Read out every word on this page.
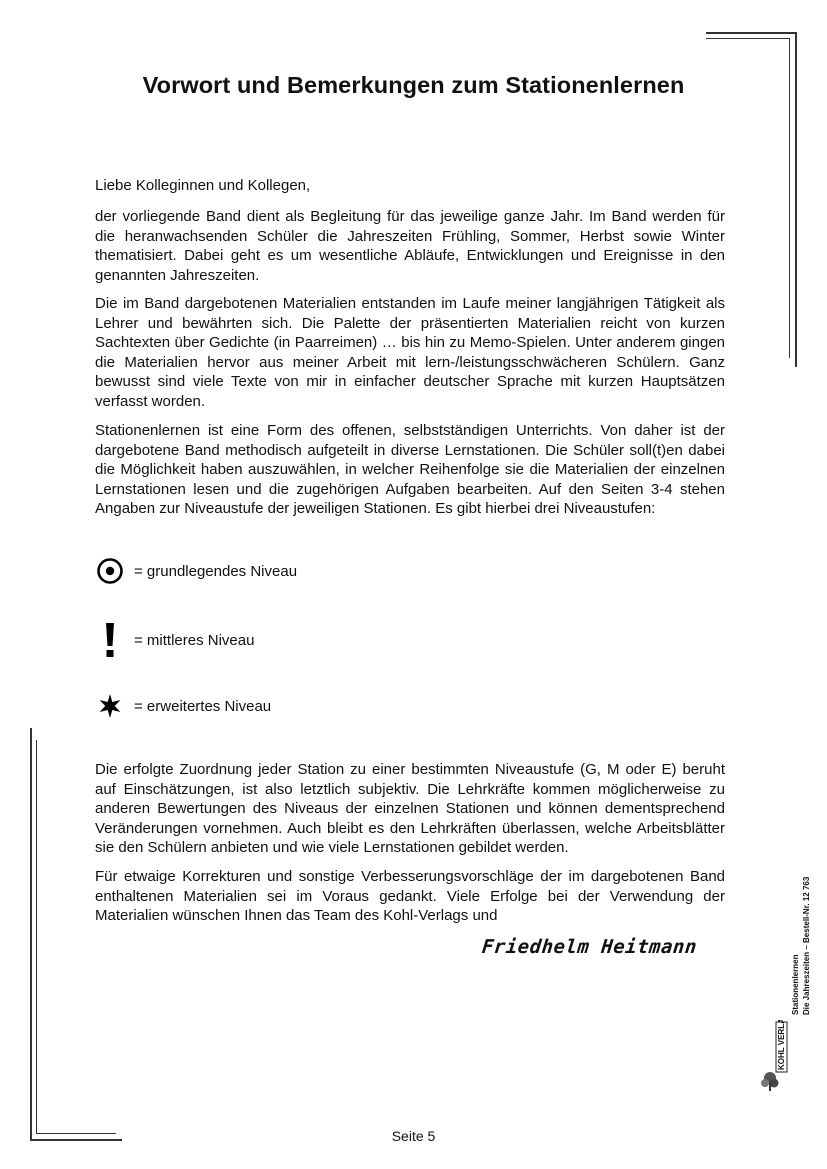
Vorwort und Bemerkungen zum Stationenlernen

Liebe Kolleginnen und Kollegen,

der vorliegende Band dient als Begleitung für das jeweilige ganze Jahr. Im Band werden für die heranwachsenden Schüler die Jahreszeiten Frühling, Sommer, Herbst sowie Winter thematisiert. Dabei geht es um wesentliche Abläufe, Entwicklungen und Ereignisse in den genannten Jahreszeiten.

Die im Band dargebotenen Materialien entstanden im Laufe meiner langjährigen Tätigkeit als Lehrer und bewährten sich. Die Palette der präsentierten Materialien reicht von kurzen Sachtexten über Gedichte (in Paarreimen) … bis hin zu Memo-Spielen. Unter anderem gingen die Materialien hervor aus meiner Arbeit mit lern-/leistungsschwächeren Schülern. Ganz bewusst sind viele Texte von mir in einfacher deutscher Sprache mit kurzen Hauptsätzen verfasst worden.

Stationenlernen ist eine Form des offenen, selbstständigen Unterrichts. Von daher ist der dargebotene Band methodisch aufgeteilt in diverse Lernstationen. Die Schüler soll(t)en dabei die Möglichkeit haben auszuwählen, in welcher Reihenfolge sie die Materialien der einzelnen Lernstationen lesen und die zugehörigen Aufgaben bearbeiten. Auf den Seiten 3-4 stehen Angaben zur Niveaustufe der jeweiligen Stationen. Es gibt hierbei drei Niveaustufen:

= grundlegendes Niveau
= mittleres Niveau
= erweitertes Niveau

Die erfolgte Zuordnung jeder Station zu einer bestimmten Niveaustufe (G, M oder E) beruht auf Einschätzungen, ist also letztlich subjektiv. Die Lehrkräfte kommen möglicherweise zu anderen Bewertungen des Niveaus der einzelnen Stationen und können dementsprechend Veränderungen vornehmen. Auch bleibt es den Lehrkräften überlassen, welche Arbeitsblätter sie den Schülern anbieten und wie viele Lernstationen gebildet werden.

Für etwaige Korrekturen und sonstige Verbesserungsvorschläge der im dargebotenen Band enthaltenen Materialien sei im Voraus gedankt. Viele Erfolge bei der Verwendung der Materialien wünschen Ihnen das Team des Kohl-Verlags und

Friedhelm Heitmann
Stationenlernen Die Jahreszeiten – Bestell-Nr. 12 763
KOHL VERLAG
Seite 5
